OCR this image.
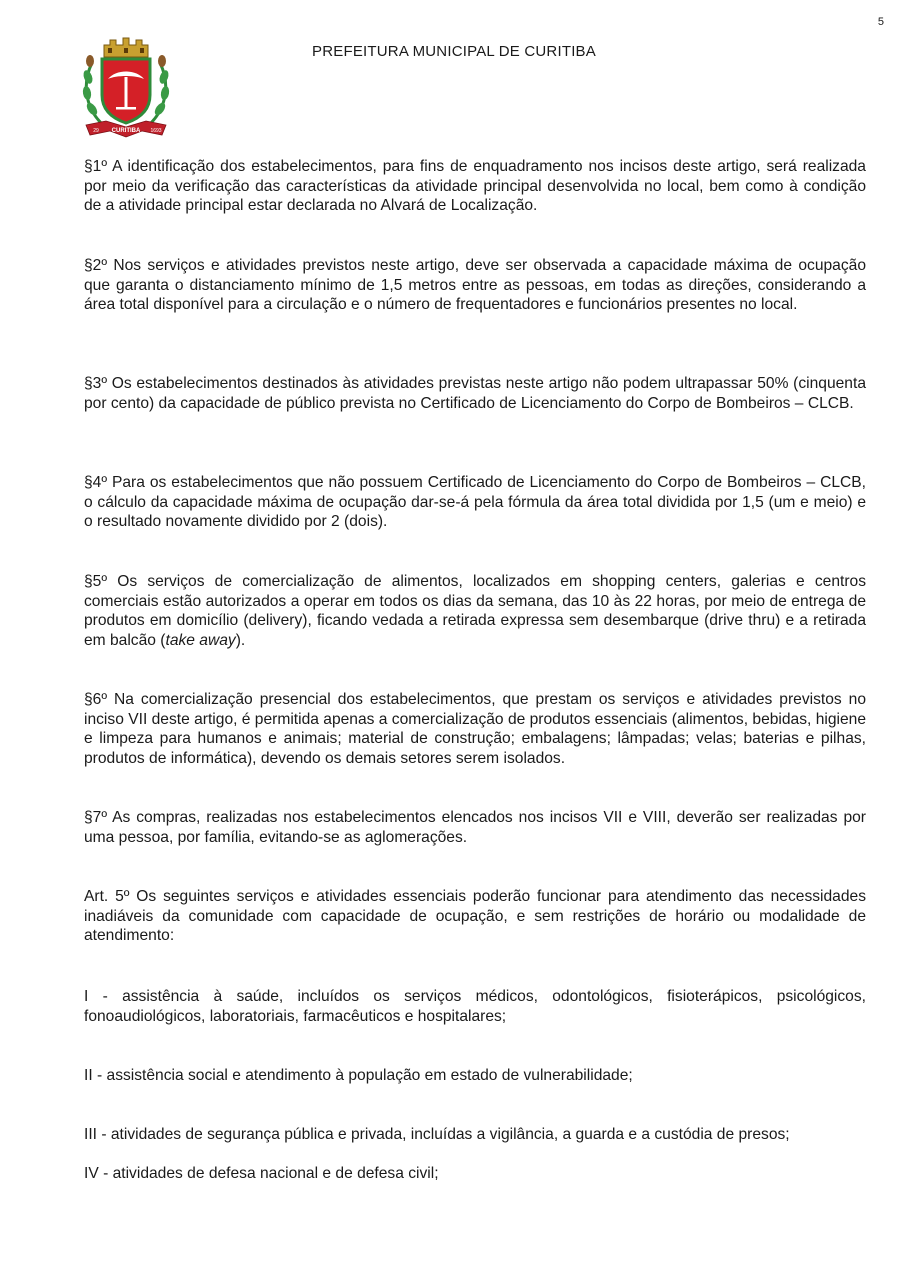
5
CURITIBA
29	1693
PREFEITURA MUNICIPAL DE CURITIBA

§1º A identificação dos estabelecimentos, para fins de enquadramento nos incisos deste artigo, será realizada por meio da verificação das características da atividade principal desenvolvida no local, bem como à condição de a atividade principal estar declarada no Alvará de Localização.

§2º Nos serviços e atividades previstos neste artigo, deve ser observada a capacidade máxima de ocupação que garanta o distanciamento mínimo de 1,5 metros entre as pessoas, em todas as direções, considerando a área total disponível para a circulação e o número de frequentadores e funcionários presentes no local.

§3º Os estabelecimentos destinados às atividades previstas neste artigo não podem ultrapassar 50% (cinquenta por cento) da capacidade de público prevista no Certificado de Licenciamento do Corpo de Bombeiros – CLCB.

§4º Para os estabelecimentos que não possuem Certificado de Licenciamento do Corpo de Bombeiros – CLCB, o cálculo da capacidade máxima de ocupação dar-se-á pela fórmula da área total dividida por 1,5 (um e meio) e o resultado novamente dividido por 2 (dois).

§5º Os serviços de comercialização de alimentos, localizados em shopping centers, galerias e centros comerciais estão autorizados a operar em todos os dias da semana, das 10 às 22 horas, por meio de entrega de produtos em domicílio (delivery), ficando vedada a retirada expressa sem desembarque (drive thru) e a retirada em balcão (take away).

§6º Na comercialização presencial dos estabelecimentos, que prestam os serviços e atividades previstos no inciso VII deste artigo, é permitida apenas a comercialização de produtos essenciais (alimentos, bebidas, higiene e limpeza para humanos e animais; material de construção; embalagens; lâmpadas; velas; baterias e pilhas, produtos de informática), devendo os demais setores serem isolados.

§7º As compras, realizadas nos estabelecimentos elencados nos incisos VII e VIII, deverão ser realizadas por uma pessoa, por família, evitando-se as aglomerações.

Art. 5º Os seguintes serviços e atividades essenciais poderão funcionar para atendimento das necessidades inadiáveis da comunidade com capacidade de ocupação, e sem restrições de horário ou modalidade de atendimento:

I - assistência à saúde, incluídos os serviços médicos, odontológicos, fisioterápicos, psicológicos, fonoaudiológicos, laboratoriais, farmacêuticos e hospitalares;

II - assistência social e atendimento à população em estado de vulnerabilidade;

III - atividades de segurança pública e privada, incluídas a vigilância, a guarda e a custódia de presos;

IV - atividades de defesa nacional e de defesa civil;
